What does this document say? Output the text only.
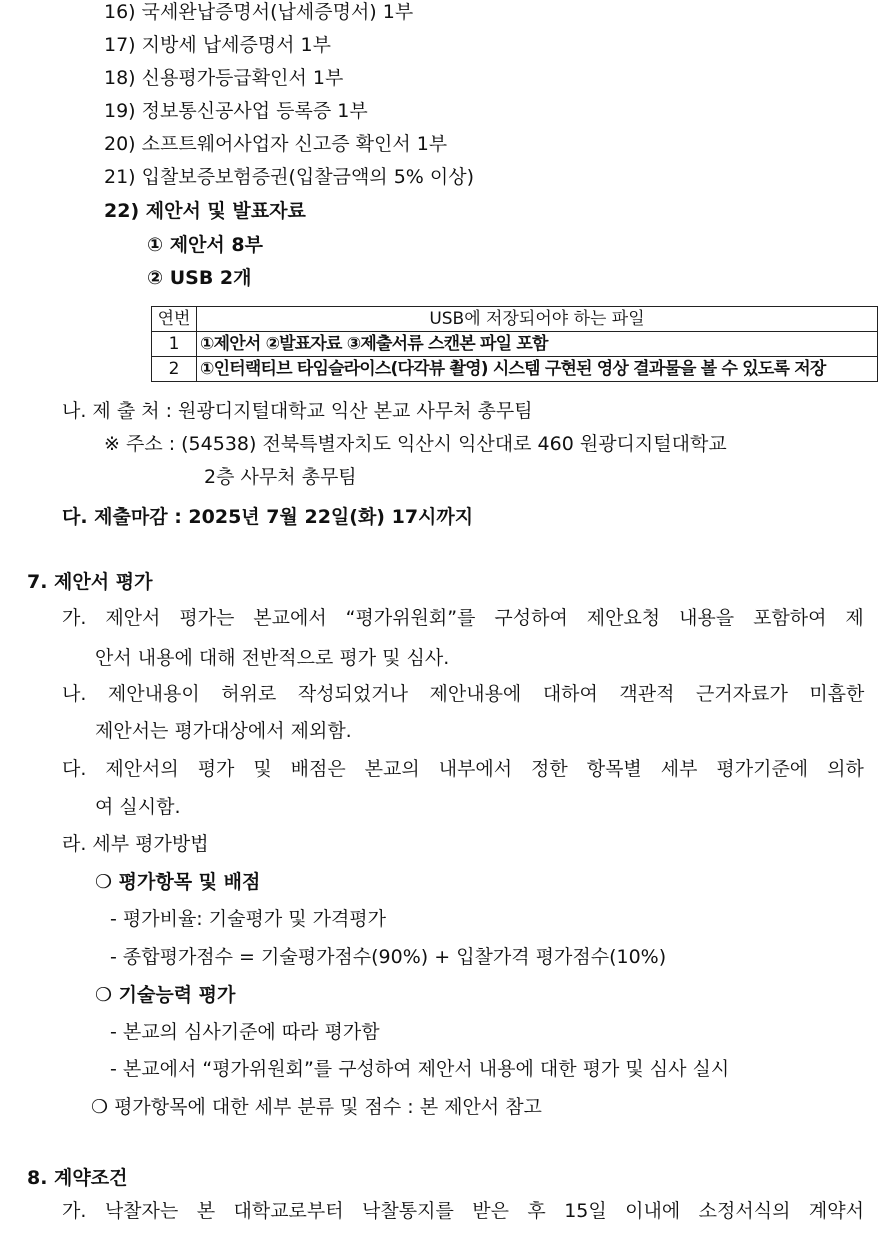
16) 국세완납증명서(납세증명서) 1부
17) 지방세 납세증명서 1부
18) 신용평가등급확인서 1부
19) 정보통신공사업 등록증 1부
20) 소프트웨어사업자 신고증 확인서 1부
21) 입찰보증보험증권(입찰금액의 5% 이상)
22) 제안서 및 발표자료
① 제안서 8부
② USB 2개
연번	USB에 저장되어야 하는 파일
1	①제안서 ②발표자료 ③제출서류 스캔본 파일 포함
2	①인터랙티브 타임슬라이스(다각뷰 촬영) 시스템 구현된 영상 결과물을 볼 수 있도록 저장
나. 제 출 처 : 원광디지털대학교 익산 본교 사무처 총무팀
※ 주소 : (54538) 전북특별자치도 익산시 익산대로 460 원광디지털대학교
2층 사무처 총무팀
다. 제출마감 : 2025년 7월 22일(화) 17시까지
7. 제안서 평가
가. 제안서 평가는 본교에서 “평가위원회”를 구성하여 제안요청 내용을 포함하여 제
안서 내용에 대해 전반적으로 평가 및 심사.
나. 제안내용이 허위로 작성되었거나 제안내용에 대하여 객관적 근거자료가 미흡한
제안서는 평가대상에서 제외함.
다. 제안서의 평가 및 배점은 본교의 내부에서 정한 항목별 세부 평가기준에 의하
여 실시함.
라. 세부 평가방법
❍ 평가항목 및 배점
- 평가비율: 기술평가 및 가격평가
- 종합평가점수 = 기술평가점수(90%) + 입찰가격 평가점수(10%)
❍ 기술능력 평가
- 본교의 심사기준에 따라 평가함
- 본교에서 “평가위원회”를 구성하여 제안서 내용에 대한 평가 및 심사 실시
❍ 평가항목에 대한 세부 분류 및 점수 : 본 제안서 참고
8. 계약조건
가. 낙찰자는 본 대학교로부터 낙찰통지를 받은 후 15일 이내에 소정서식의 계약서
